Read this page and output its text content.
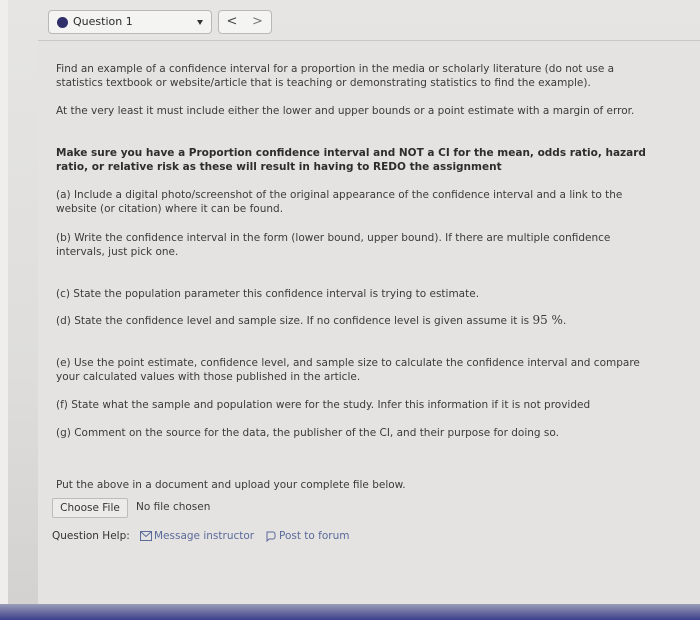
Question 1	<	>
Find an example of a confidence interval for a proportion in the media or scholarly literature (do not use a statistics textbook or website/article that is teaching or demonstrating statistics to find the example).
At the very least it must include either the lower and upper bounds or a point estimate with a margin of error.
Make sure you have a Proportion confidence interval and NOT a CI for the mean, odds ratio, hazard ratio, or relative risk as these will result in having to REDO the assignment
(a) Include a digital photo/screenshot of the original appearance of the confidence interval and a link to the website (or citation) where it can be found.
(b) Write the confidence interval in the form (lower bound, upper bound). If there are multiple confidence intervals, just pick one.
(c) State the population parameter this confidence interval is trying to estimate.
(d) State the confidence level and sample size. If no confidence level is given assume it is 95 %.
(e) Use the point estimate, confidence level, and sample size to calculate the confidence interval and compare your calculated values with those published in the article.
(f) State what the sample and population were for the study. Infer this information if it is not provided
(g) Comment on the source for the data, the publisher of the CI, and their purpose for doing so.
Put the above in a document and upload your complete file below.
Choose File	No file chosen
Question Help: Message instructor Post to forum
